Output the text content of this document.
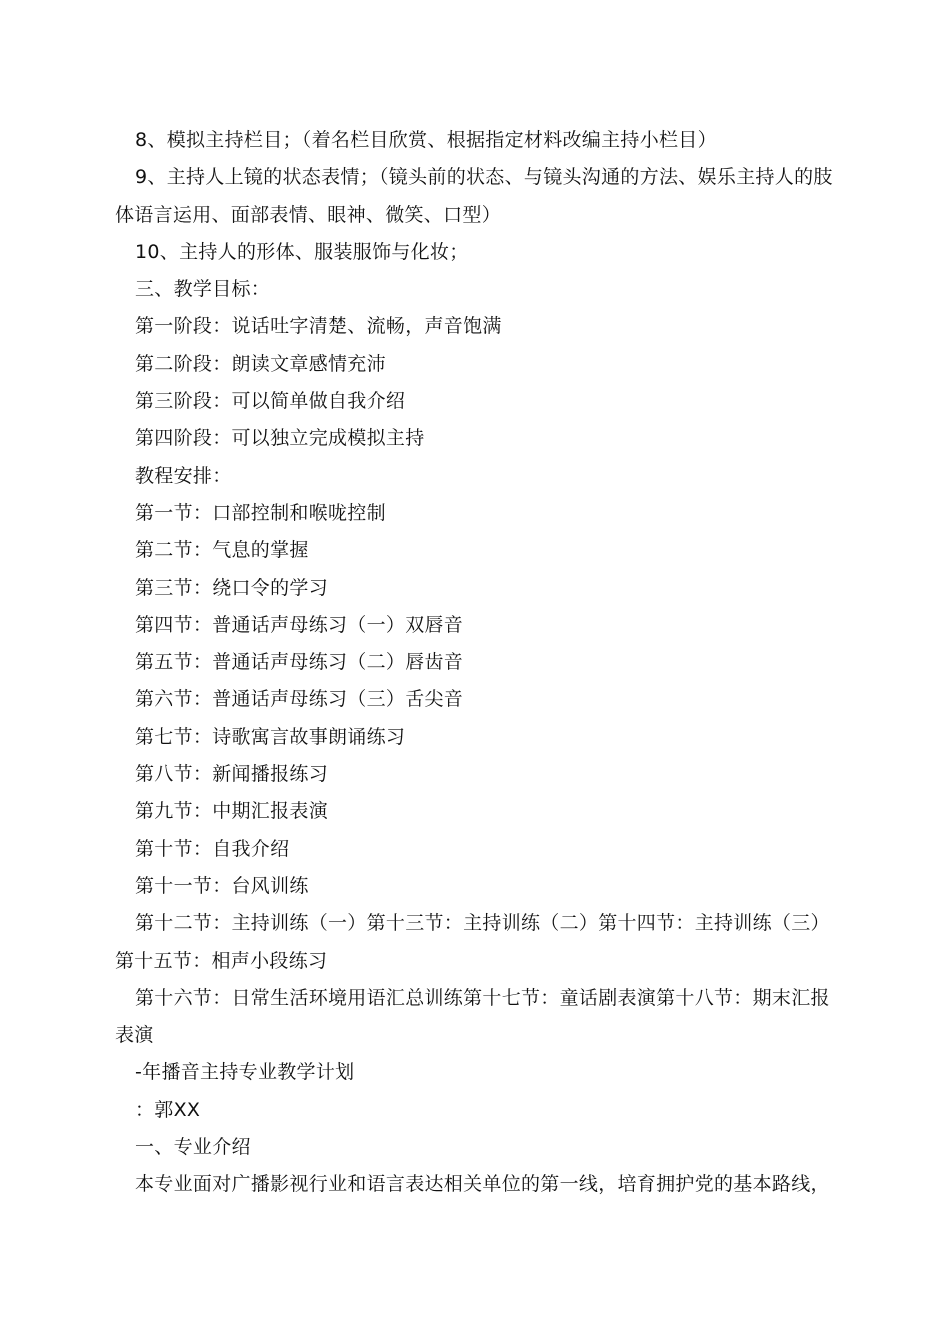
8、模拟主持栏目；（着名栏目欣赏、根据指定材料改编主持小栏目）
9、主持人上镜的状态表情；（镜头前的状态、与镜头沟通的方法、娱乐主持人的肢
体语言运用、面部表情、眼神、微笑、口型）
10、主持人的形体、服装服饰与化妆；
三、教学目标：
第一阶段：说话吐字清楚、流畅，声音饱满
第二阶段：朗读文章感情充沛
第三阶段：可以简单做自我介绍
第四阶段：可以独立完成模拟主持
教程安排：
第一节：口部控制和喉咙控制
第二节：气息的掌握
第三节：绕口令的学习
第四节：普通话声母练习（一）双唇音
第五节：普通话声母练习（二）唇齿音
第六节：普通话声母练习（三）舌尖音
第七节：诗歌寓言故事朗诵练习
第八节：新闻播报练习
第九节：中期汇报表演
第十节：自我介绍
第十一节：台风训练
第十二节：主持训练（一）第十三节：主持训练（二）第十四节：主持训练（三）
第十五节：相声小段练习
第十六节：日常生活环境用语汇总训练第十七节：童话剧表演第十八节：期末汇报
表演
-年播音主持专业教学计划
：郭XX
一、专业介绍
本专业面对广播影视行业和语言表达相关单位的第一线，培育拥护党的基本路线，
